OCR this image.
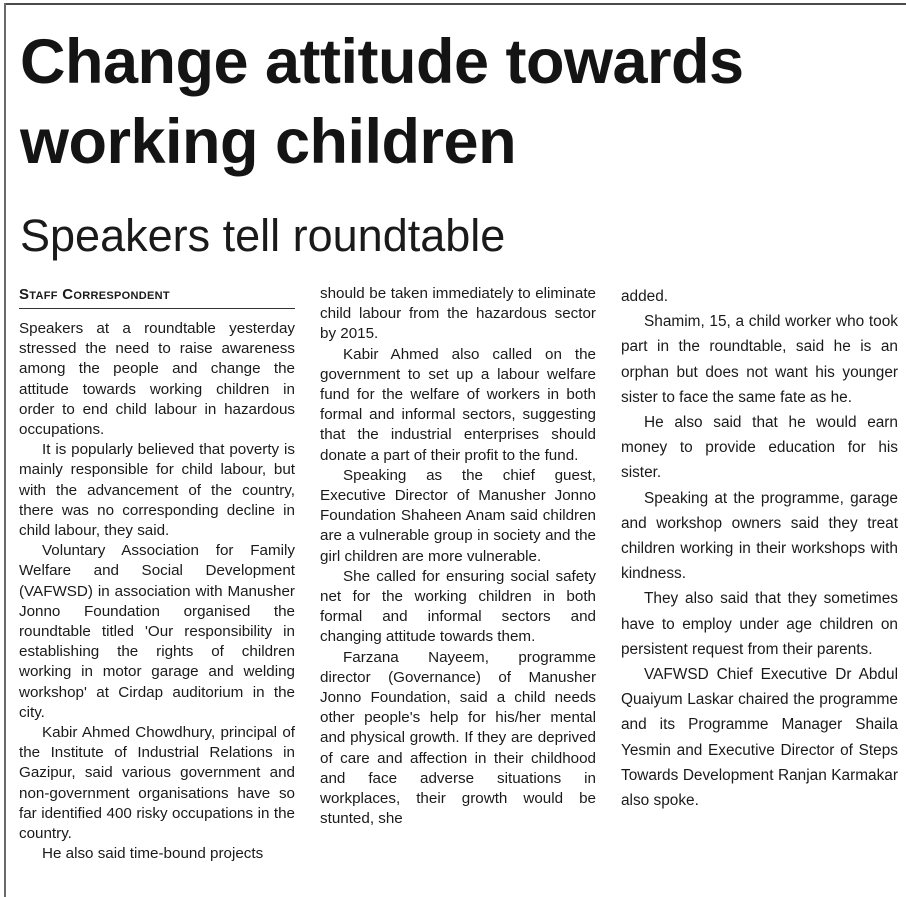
Change attitude towards working children
Speakers tell roundtable
Staff Correspondent

Speakers at a roundtable yesterday stressed the need to raise awareness among the people and change the attitude towards working children in order to end child labour in hazardous occupations.

It is popularly believed that poverty is mainly responsible for child labour, but with the advancement of the country, there was no corresponding decline in child labour, they said.

Voluntary Association for Family Welfare and Social Development (VAFWSD) in association with Manusher Jonno Foundation organised the roundtable titled 'Our responsibility in establishing the rights of children working in motor garage and welding workshop' at Cirdap auditorium in the city.

Kabir Ahmed Chowdhury, principal of the Institute of Industrial Relations in Gazipur, said various government and non-government organisations have so far identified 400 risky occupations in the country.

He also said time-bound projects

should be taken immediately to eliminate child labour from the hazardous sector by 2015.

Kabir Ahmed also called on the government to set up a labour welfare fund for the welfare of workers in both formal and informal sectors, suggesting that the industrial enterprises should donate a part of their profit to the fund.

Speaking as the chief guest, Executive Director of Manusher Jonno Foundation Shaheen Anam said children are a vulnerable group in society and the girl children are more vulnerable.

She called for ensuring social safety net for the working children in both formal and informal sectors and changing attitude towards them.

Farzana Nayeem, programme director (Governance) of Manusher Jonno Foundation, said a child needs other people's help for his/her mental and physical growth. If they are deprived of care and affection in their childhood and face adverse situations in workplaces, their growth would be stunted, she

added.

Shamim, 15, a child worker who took part in the roundtable, said he is an orphan but does not want his younger sister to face the same fate as he.

He also said that he would earn money to provide education for his sister.

Speaking at the programme, garage and workshop owners said they treat children working in their workshops with kindness.

They also said that they sometimes have to employ under age children on persistent request from their parents.

VAFWSD Chief Executive Dr Abdul Quaiyum Laskar chaired the programme and its Programme Manager Shaila Yesmin and Executive Director of Steps Towards Development Ranjan Karmakar also spoke.
